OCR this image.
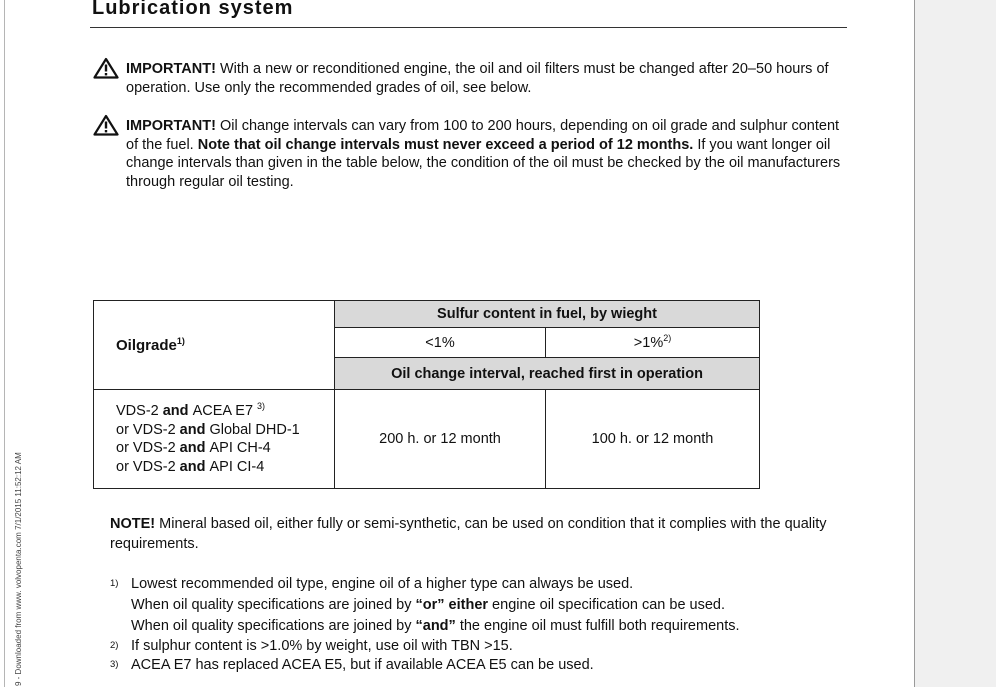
9 - Downloaded from www. volvopenta.com 7/1/2015 11:52:12 AM
Lubrication system
IMPORTANT! With a new or reconditioned engine, the oil and oil filters must be changed after 20–50 hours of operation. Use only the recommended grades of oil, see below.
IMPORTANT! Oil change intervals can vary from 100 to 200 hours, depending on oil grade and sulphur content of the fuel. Note that oil change intervals must never exceed a period of 12 months. If you want longer oil change intervals than given in the table below, the condition of the oil must be checked by the oil manufacturers through regular oil testing.
Oilgrade$^{1)}$	Sulfur content in fuel, by wieght	
	<1%	>1%$^{2)}$
	Oil change interval, reached first in operation	

VDS-2 and ACEA E7 $^{3)}$
or VDS-2 and Global DHD-1
or VDS-2 and API CH-4
or VDS-2 and API CI-4	200 h. or 12 month	100 h. or 12 month
NOTE! Mineral based oil, either fully or semi-synthetic, can be used on condition that it complies with the quality requirements.
1) Lowest recommended oil type, engine oil of a higher type can always be used.
When oil quality specifications are joined by “or” either engine oil specification can be used.
When oil quality specifications are joined by “and” the engine oil must fulfill both requirements.
2) If sulphur content is >1.0% by weight, use oil with TBN >15.
3) ACEA E7 has replaced ACEA E5, but if available ACEA E5 can be used.
